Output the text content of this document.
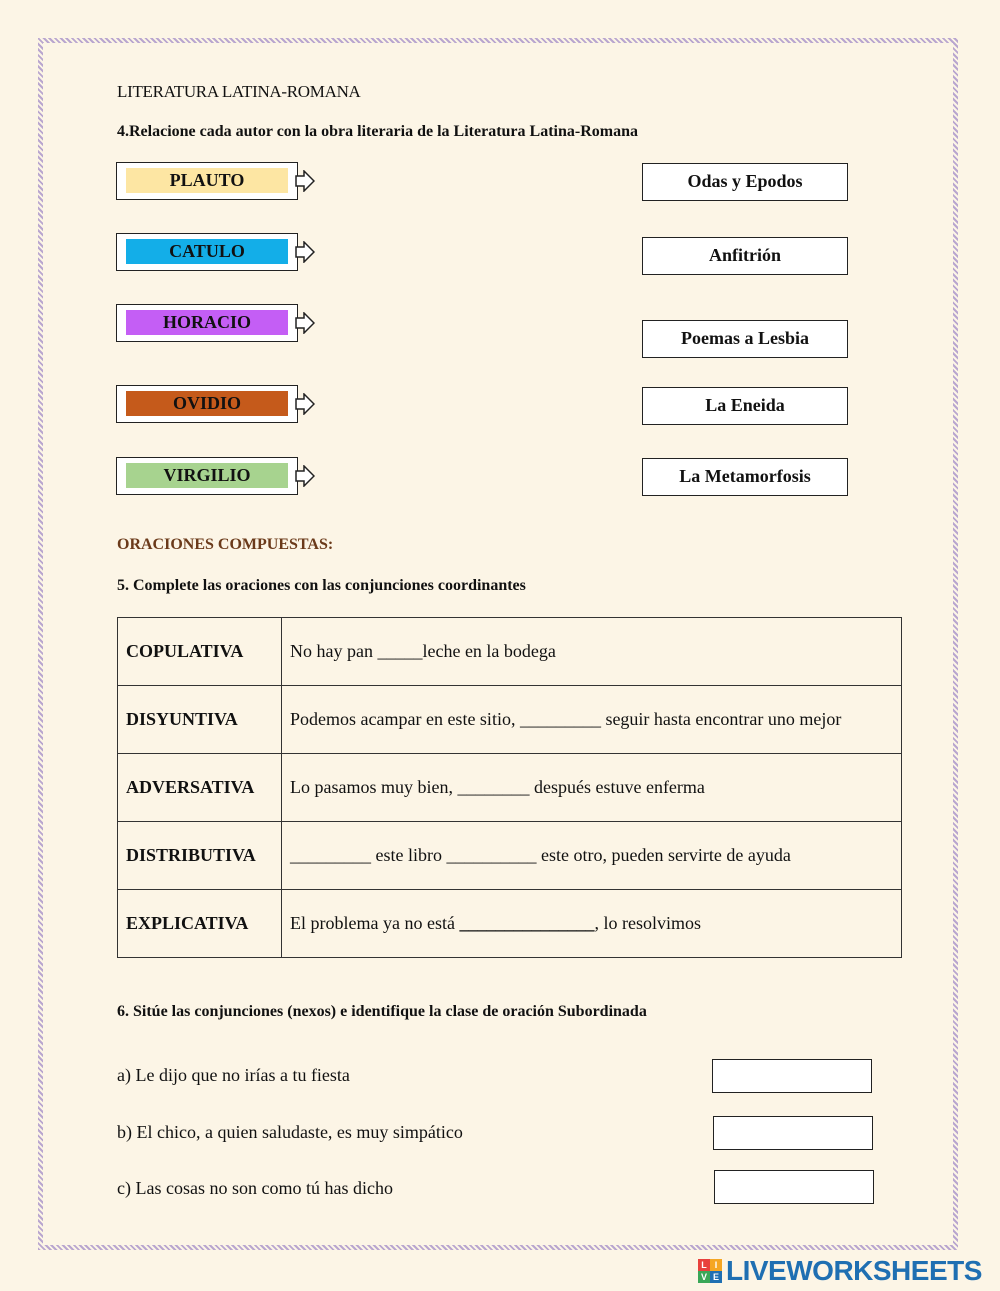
LITERATURA LATINA-ROMANA
4.Relacione cada autor con la obra literaria de la Literatura Latina-Romana
PLAUTO
CATULO
HORACIO
OVIDIO
VIRGILIO
Odas y Epodos
Anfitrión
Poemas a Lesbia
La Eneida
La Metamorfosis
ORACIONES COMPUESTAS:
5. Complete las oraciones con las conjunciones coordinantes
COPULATIVA	No hay pan _____leche en la bodega
DISYUNTIVA	Podemos acampar en este sitio, _________ seguir hasta encontrar uno mejor
ADVERSATIVA	Lo pasamos muy bien, ________ después estuve enferma
DISTRIBUTIVA	_________ este libro __________ este otro, pueden servirte de ayuda
EXPLICATIVA	El problema ya no está _______________, lo resolvimos
6. Sitúe las conjunciones (nexos) e identifique la clase de oración Subordinada
a) Le dijo que no irías a tu fiesta
b) El chico, a quien saludaste, es muy simpático
c) Las cosas no son como tú has dicho
L I
V E LIVEWORKSHEETS
